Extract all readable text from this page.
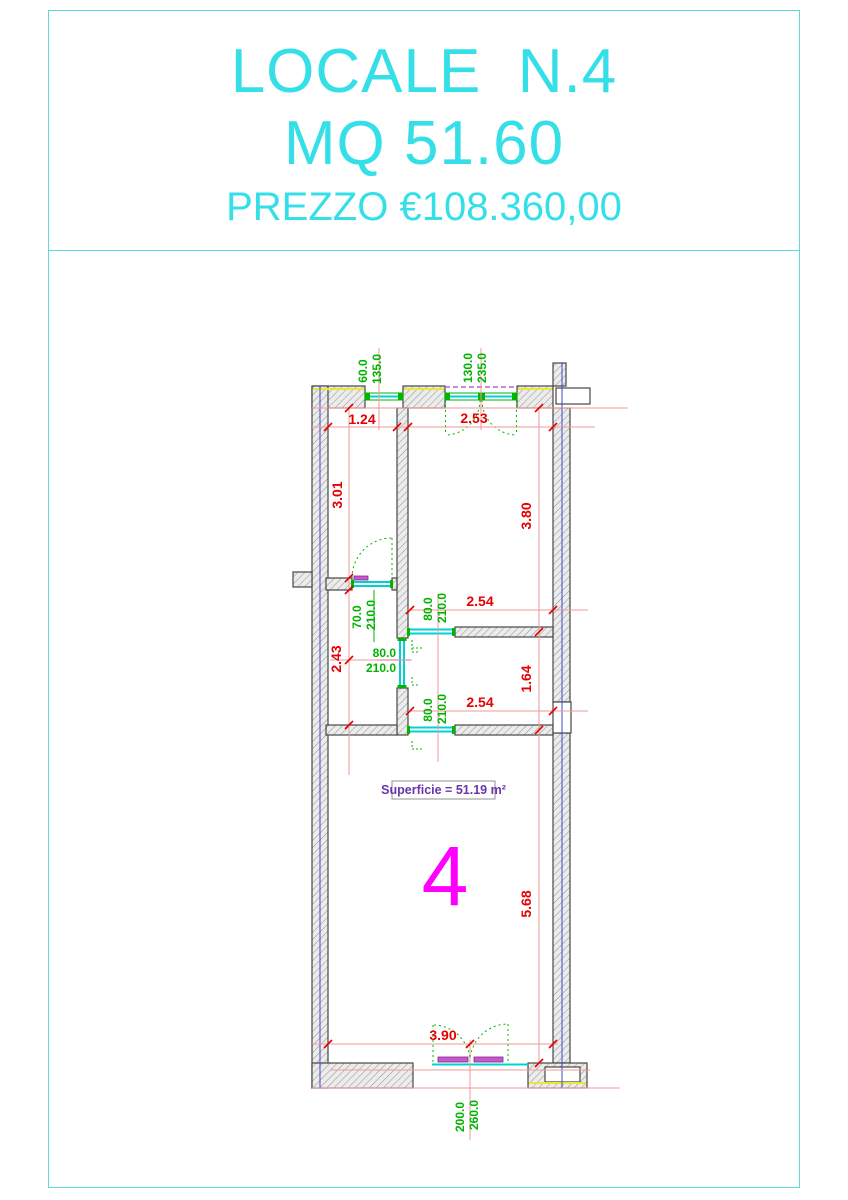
LOCALE  N.4
MQ 51.60
PREZZO €108.360,00
1.24	2.53
3.01
3.80
2.43
2.54
2.54
1.64
5.68
3.90
60.0 135.0	130.0 235.0
70.0 210.0
80.0
210.0
80.0 210.0
80.0 210.0
200.0 260.0
Superficie = 51.19 m²
4
